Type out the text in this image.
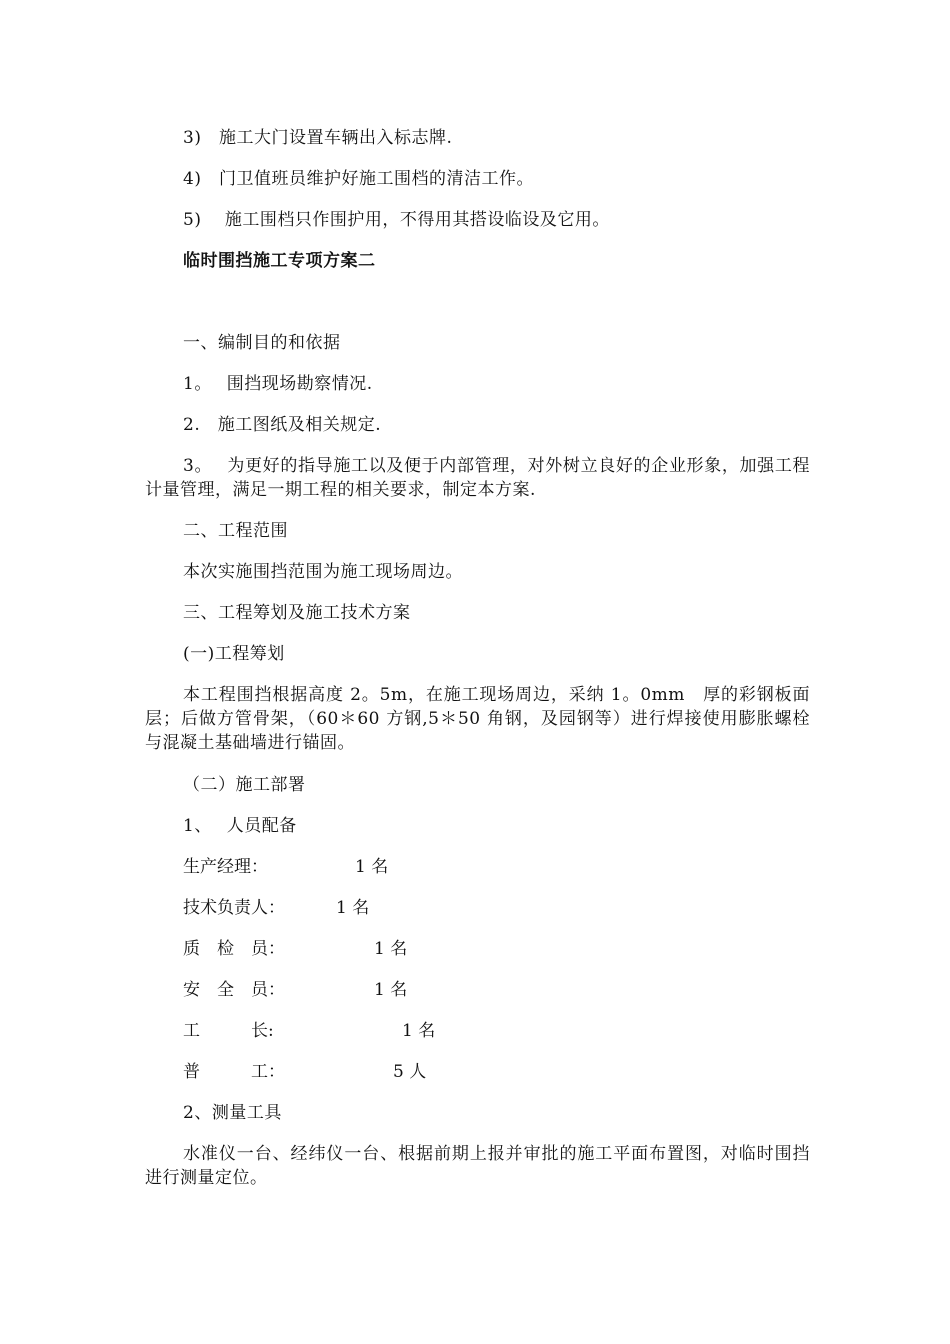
3)　施工大门设置车辆出入标志牌.
4)　门卫值班员维护好施工围档的清洁工作。
5)　 施工围档只作围护用，不得用其搭设临设及它用。
临时围挡施工专项方案二
一、编制目的和依据
1。　 围挡现场勘察情况.
2.　施工图纸及相关规定.
3。　 为更好的指导施工以及便于内部管理，对外树立良好的企业形象，加强工程计量管理，满足一期工程的相关要求，制定本方案.
二、工程范围
本次实施围挡范围为施工现场周边。
三、工程筹划及施工技术方案
(一)工程筹划
本工程围挡根据高度 2。5m，在施工现场周边，采纳 1。0mm　厚的彩钢板面层；后做方管骨架，（60＊60 方钢,5＊50 角钢，及园钢等）进行焊接使用膨胀螺栓与混凝土基础墙进行锚固。
（二）施工部署
1、　 人员配备
生产经理：	1 名
技术负责人：	1 名
质　检　员：	1 名
安　全　员：	1 名
工　　　长:	1 名
普　　　工：	5 人
2、测量工具
水准仪一台、经纬仪一台、根据前期上报并审批的施工平面布置图，对临时围挡进行测量定位。
